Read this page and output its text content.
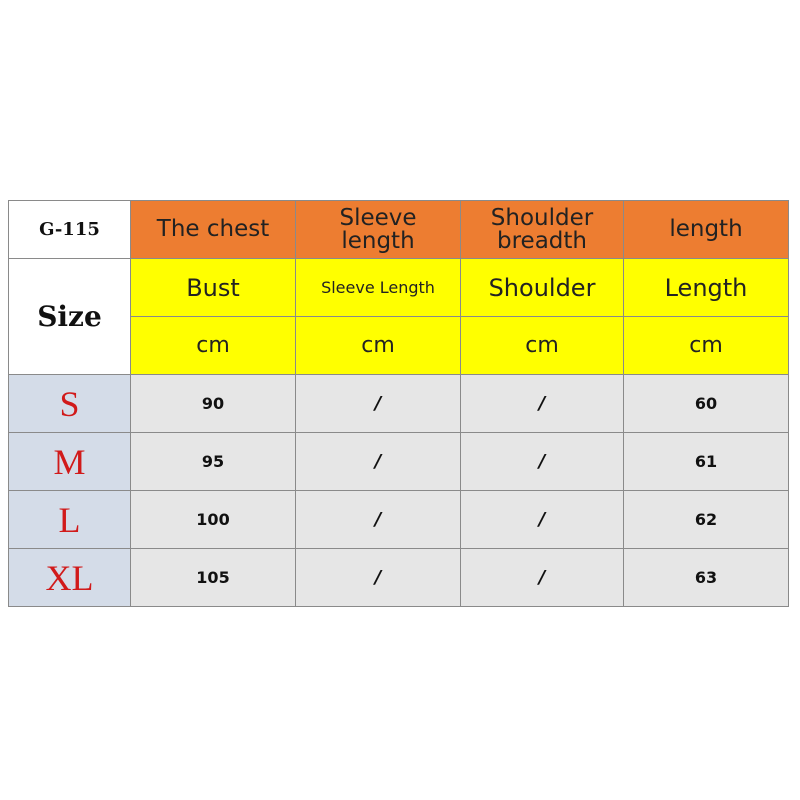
G-115	The chest	Sleeve length	Shoulder breadth	length
Size	Bust	Sleeve Length	Shoulder	Length
	cm	cm	cm	cm
S	90	/	/	60
M	95	/	/	61
L	100	/	/	62
XL	105	/	/	63
